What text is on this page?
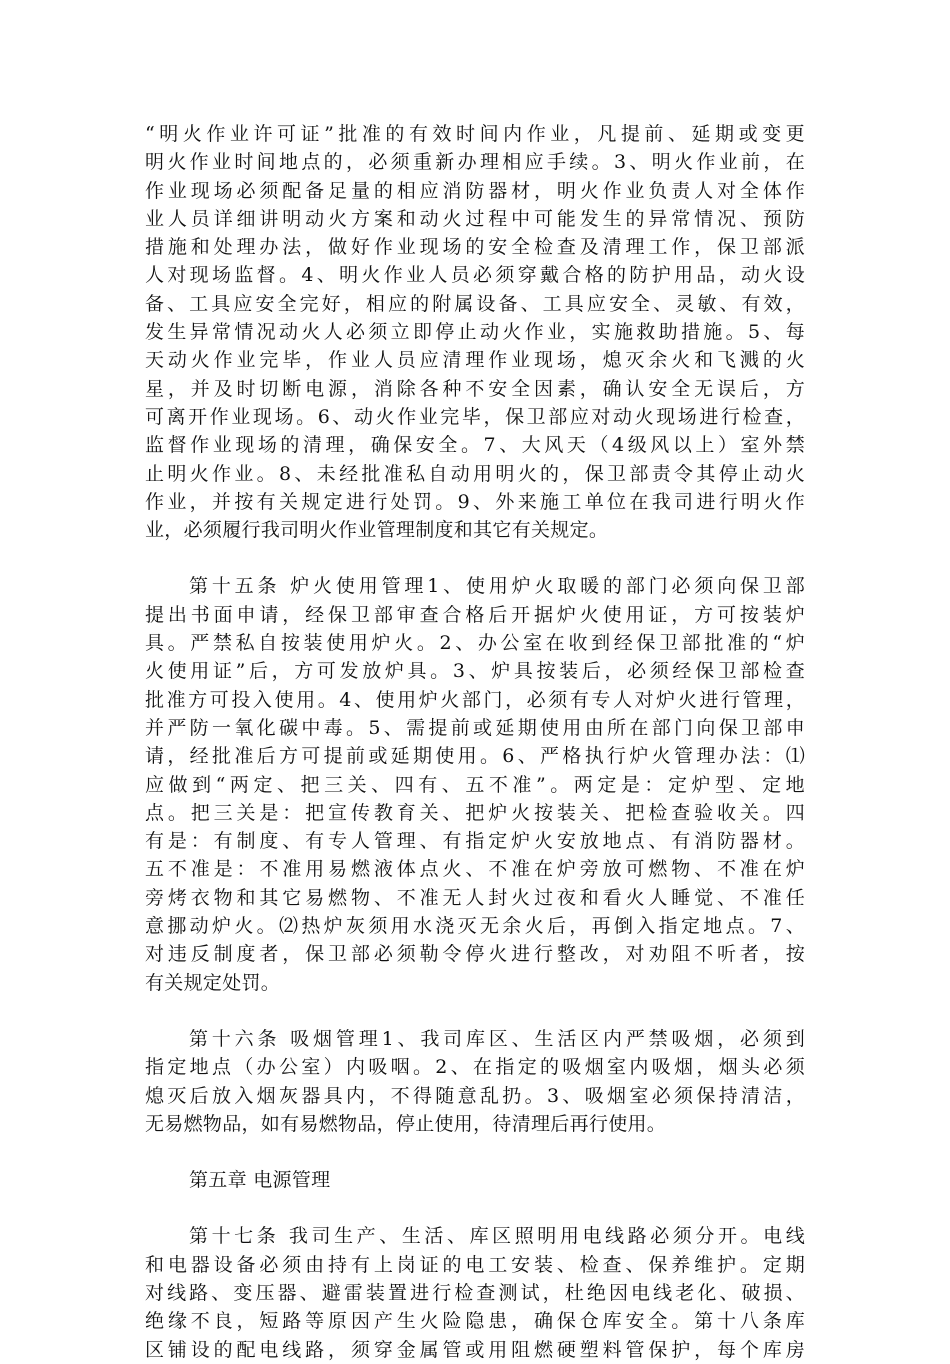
“明火作业许可证”批准的有效时间内作业，凡提前、延期或变更
明火作业时间地点的，必须重新办理相应手续。3、明火作业前，在
作业现场必须配备足量的相应消防器材，明火作业负责人对全体作
业人员详细讲明动火方案和动火过程中可能发生的异常情况、预防
措施和处理办法，做好作业现场的安全检查及清理工作，保卫部派
人对现场监督。4、明火作业人员必须穿戴合格的防护用品，动火设
备、工具应安全完好，相应的附属设备、工具应安全、灵敏、有效，
发生异常情况动火人必须立即停止动火作业，实施救助措施。5、每
天动火作业完毕，作业人员应清理作业现场，熄灭余火和飞溅的火
星，并及时切断电源，消除各种不安全因素，确认安全无误后，方
可离开作业现场。6、动火作业完毕，保卫部应对动火现场进行检查，
监督作业现场的清理，确保安全。7、大风天（4级风以上）室外禁
止明火作业。8、未经批准私自动用明火的，保卫部责令其停止动火
作业，并按有关规定进行处罚。9、外来施工单位在我司进行明火作
业，必须履行我司明火作业管理制度和其它有关规定。
第十五条 炉火使用管理1、使用炉火取暖的部门必须向保卫部
提出书面申请，经保卫部审查合格后开据炉火使用证，方可按装炉
具。严禁私自按装使用炉火。2、办公室在收到经保卫部批准的“炉
火使用证”后，方可发放炉具。3、炉具按装后，必须经保卫部检查
批准方可投入使用。4、使用炉火部门，必须有专人对炉火进行管理，
并严防一氧化碳中毒。5、需提前或延期使用由所在部门向保卫部申
请，经批准后方可提前或延期使用。6、严格执行炉火管理办法：⑴
应做到“两定、把三关、四有、五不准”。两定是：定炉型、定地
点。把三关是：把宣传教育关、把炉火按装关、把检查验收关。四
有是：有制度、有专人管理、有指定炉火安放地点、有消防器材。
五不准是：不准用易燃液体点火、不准在炉旁放可燃物、不准在炉
旁烤衣物和其它易燃物、不准无人封火过夜和看火人睡觉、不准任
意挪动炉火。⑵热炉灰须用水浇灭无余火后，再倒入指定地点。7、
对违反制度者，保卫部必须勒令停火进行整改，对劝阻不听者，按
有关规定处罚。
第十六条 吸烟管理1、我司库区、生活区内严禁吸烟，必须到
指定地点（办公室）内吸咽。2、在指定的吸烟室内吸烟，烟头必须
熄灭后放入烟灰器具内，不得随意乱扔。3、吸烟室必须保持清洁，
无易燃物品，如有易燃物品，停止使用，待清理后再行使用。
第五章 电源管理
第十七条 我司生产、生活、库区照明用电线路必须分开。电线
和电器设备必须由持有上岗证的电工安装、检查、保养维护。定期
对线路、变压器、避雷装置进行检查测试，杜绝因电线老化、破损、
绝缘不良，短路等原因产生火险隐患，确保仓库安全。第十八条库
区铺设的配电线路，须穿金属管或用阻燃硬塑料管保护，每个库房
